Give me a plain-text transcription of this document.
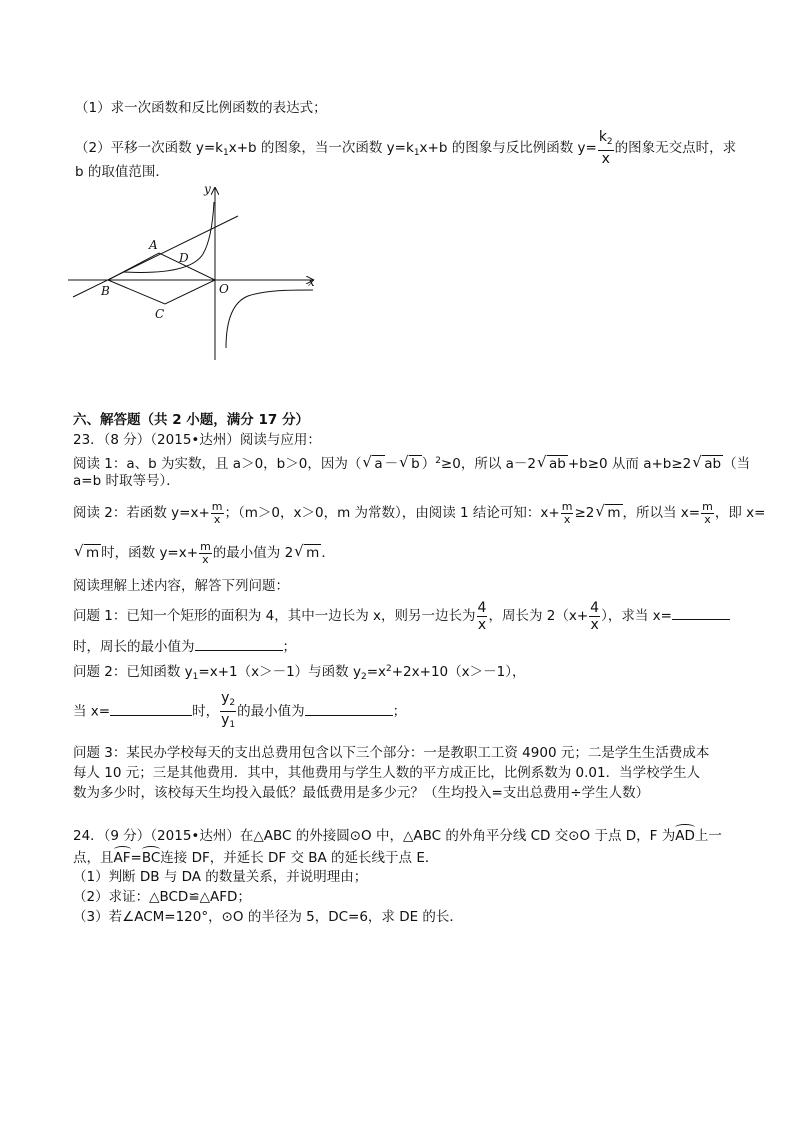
（1）求一次函数和反比例函数的表达式；
（2）平移一次函数 $y=k_1x+b$ 的图象，当一次函数 $y=k_1x+b$ 的图象与反比例函数 $y= \frac{k_2}{x}$ 的图象无交点时，求
b 的取值范围．
y
x
A
D
B	O
C
六、解答题（共 2 小题，满分 17 分）
23．（8 分）（2015•达州）阅读与应用：
阅读 1：a、b 为实数，且 a＞0，b＞0，因为（√ a －√ b ）$^2$≥0，所以 a－2√ ab +b≥0 从而 a+b≥2√ ab （当
a=b 时取等号）．
阅读 2：若函数 $y=x+ \frac{m}{x}$ ；（m＞0，x＞0，m 为常数），由阅读 1 结论可知：$x+ \frac{m}{x} \ge 2√$ m ，所以当 $x= \frac{m}{x}$ ，即 x=
√ m 时，函数 $y=x+ \frac{m}{x}$ 的最小值为 2√ m ．
阅读理解上述内容，解答下列问题：
问题 1：已知一个矩形的面积为 4，其中一边长为 x，则另一边长为 $\frac{4}{x}$ ，周长为 $2(x+ \frac{4}{x}$ ），求当 x=
时，周长的最小值为	；
问题 2：已知函数 $y_1=x+1(x>-1)$与函数 $y_2=x^2+2x+10(x>-1)$，
当 x=	时， $\frac{y_2}{y_1}$ 的最小值为	；
问题 3：某民办学校每天的支出总费用包含以下三个部分：一是教职工工资 4900 元；二是学生生活费成本
每人 10 元；三是其他费用．其中，其他费用与学生人数的平方成正比，比例系数为 0.01．当学校学生人
数为多少时，该校每天生均投入最低？最低费用是多少元？（生均投入=支出总费用÷学生人数）
24．（9 分）（2015•达州）在△ABC 的外接圆⊙O 中，△ABC 的外角平分线 CD 交⊙O 于点 D，F 为AD上一
点，且AF=BC连接 DF，并延长 DF 交 BA 的延长线于点 E．
（1）判断 DB 与 DA 的数量关系，并说明理由；
（2）求证：△BCD≌△AFD；
（3）若∠ACM=120°，⊙O 的半径为 5，DC=6，求 DE 的长．
